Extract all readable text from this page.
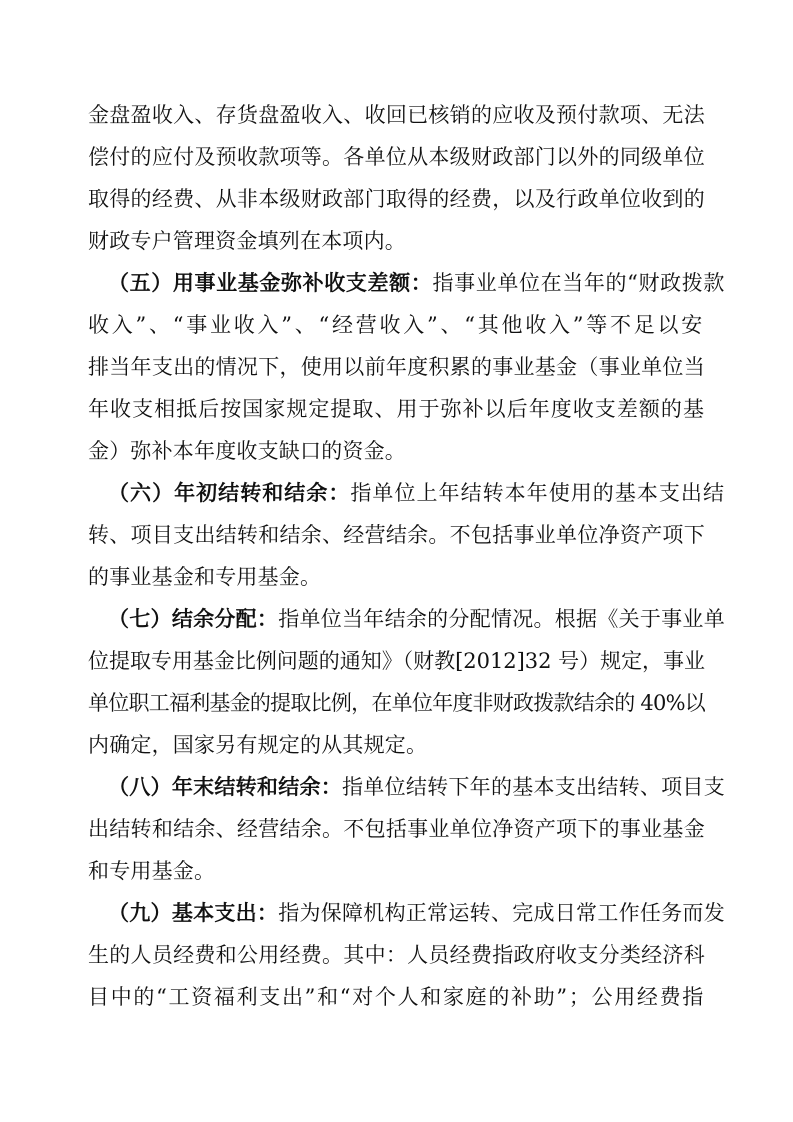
金盘盈收入、存货盘盈收入、收回已核销的应收及预付款项、无法
偿付的应付及预收款项等。各单位从本级财政部门以外的同级单位
取得的经费、从非本级财政部门取得的经费，以及行政单位收到的
财政专户管理资金填列在本项内。
（五）用事业基金弥补收支差额：指事业单位在当年的“财政拨款
收入”、“事业收入”、“经营收入”、“其他收入”等不足以安
排当年支出的情况下，使用以前年度积累的事业基金（事业单位当
年收支相抵后按国家规定提取、用于弥补以后年度收支差额的基
金）弥补本年度收支缺口的资金。
（六）年初结转和结余：指单位上年结转本年使用的基本支出结
转、项目支出结转和结余、经营结余。不包括事业单位净资产项下
的事业基金和专用基金。
（七）结余分配：指单位当年结余的分配情况。根据《关于事业单
位提取专用基金比例问题的通知》（财教[2012]32 号）规定，事业
单位职工福利基金的提取比例，在单位年度非财政拨款结余的 40%以
内确定，国家另有规定的从其规定。
（八）年末结转和结余：指单位结转下年的基本支出结转、项目支
出结转和结余、经营结余。不包括事业单位净资产项下的事业基金
和专用基金。
（九）基本支出：指为保障机构正常运转、完成日常工作任务而发
生的人员经费和公用经费。其中：人员经费指政府收支分类经济科
目中的“工资福利支出”和“对个人和家庭的补助”；公用经费指
